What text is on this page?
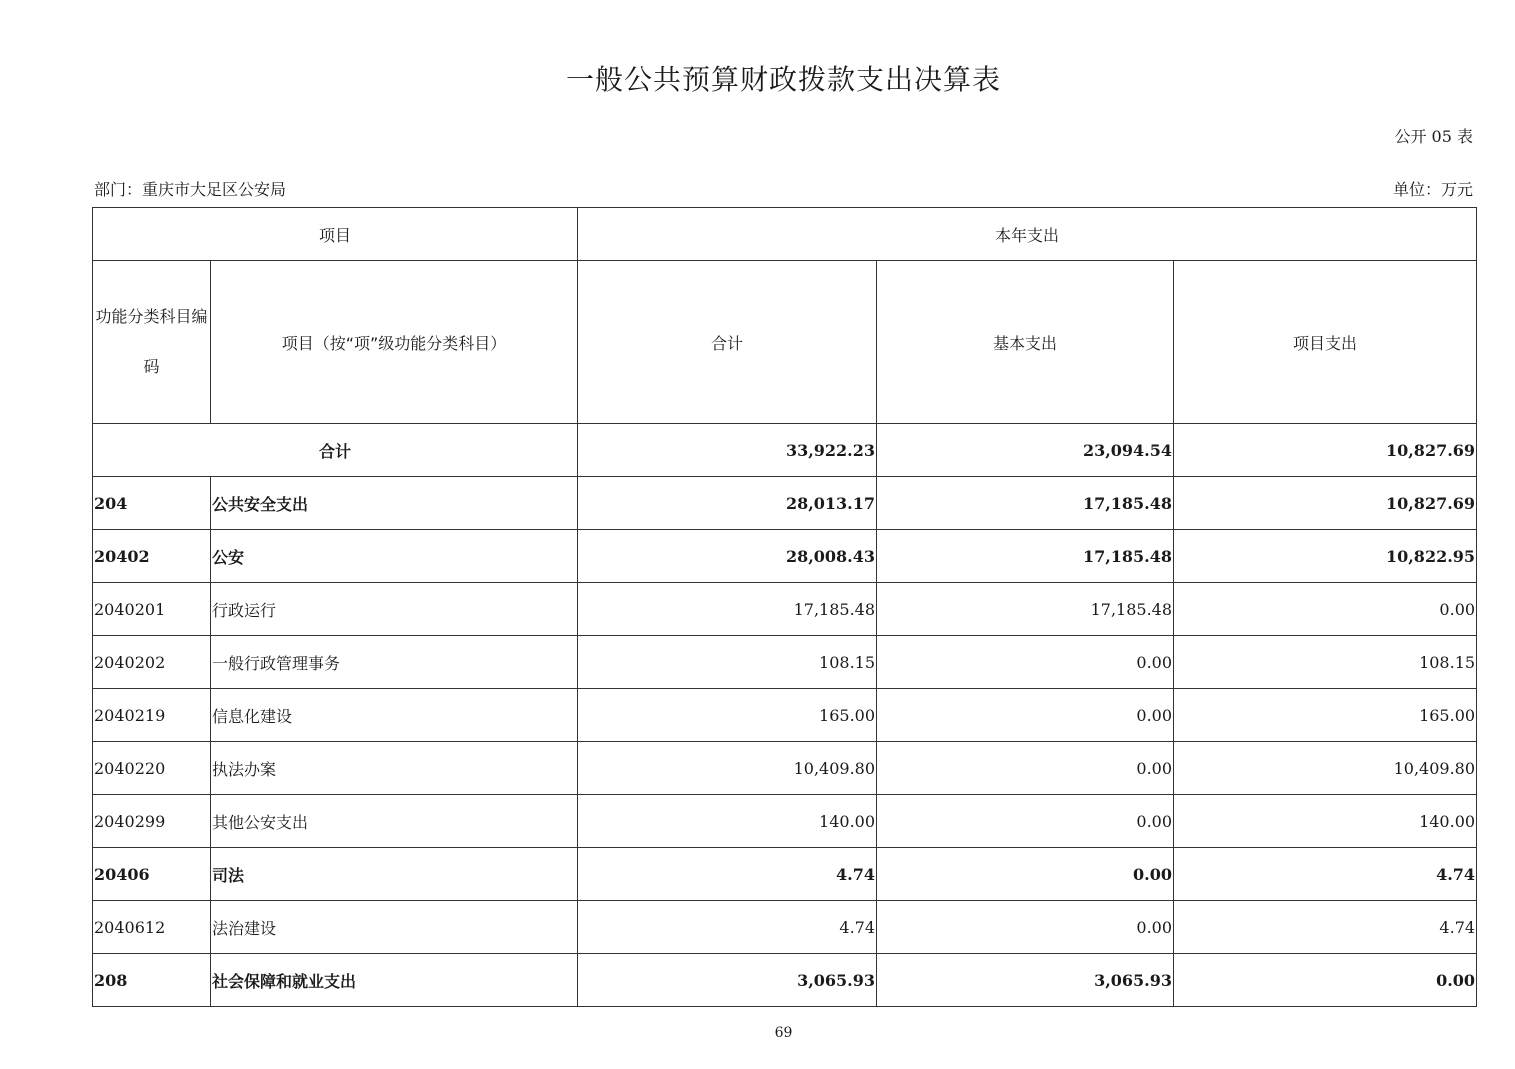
一般公共预算财政拨款支出决算表
公开 05 表
部门：重庆市大足区公安局	单位：万元
项目		本年支出		
功能分类科目编码	项目（按“项”级功能分类科目）	合计	基本支出	项目支出
合计		33,922.23	23,094.54	10,827.69
204	公共安全支出	28,013.17	17,185.48	10,827.69
20402	公安	28,008.43	17,185.48	10,822.95
2040201	行政运行	17,185.48	17,185.48	0.00
2040202	一般行政管理事务	108.15	0.00	108.15
2040219	信息化建设	165.00	0.00	165.00
2040220	执法办案	10,409.80	0.00	10,409.80
2040299	其他公安支出	140.00	0.00	140.00
20406	司法	4.74	0.00	4.74
2040612	法治建设	4.74	0.00	4.74
208	社会保障和就业支出	3,065.93	3,065.93	0.00
69
